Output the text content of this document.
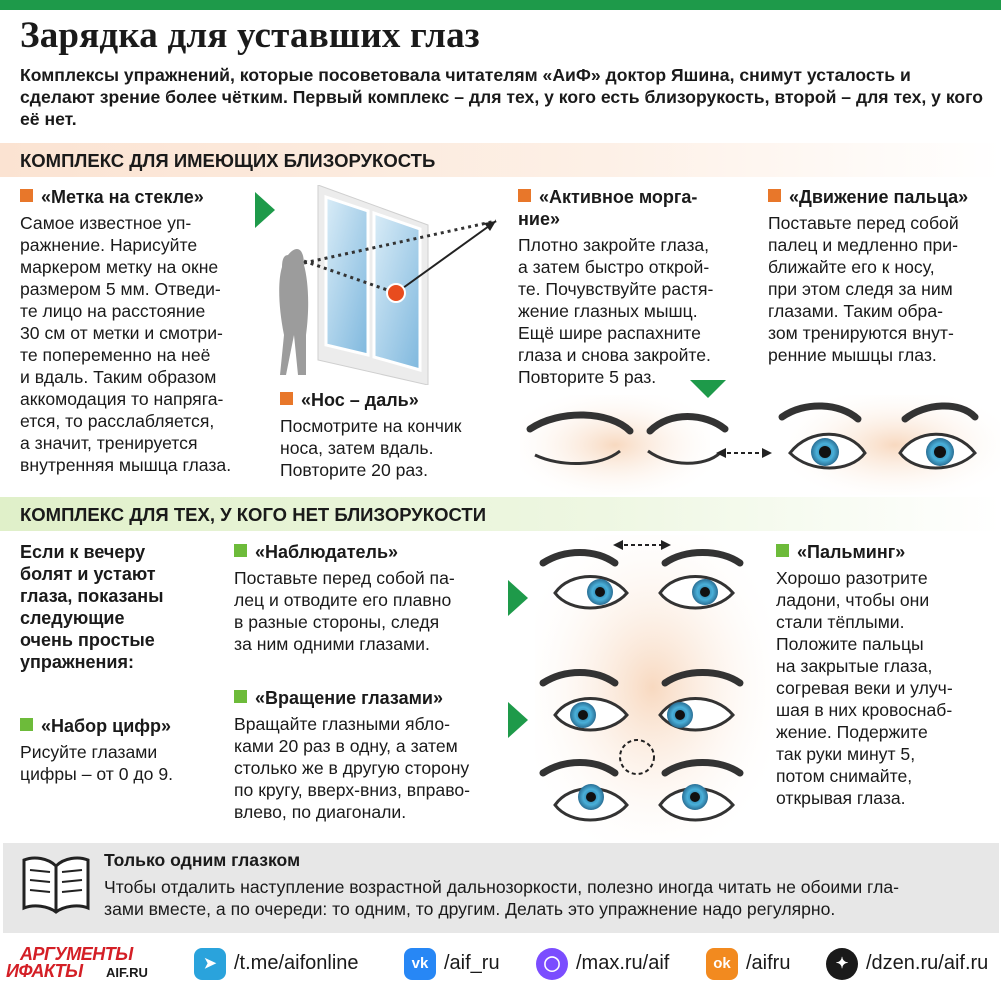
Зарядка для уставших глаз
Комплексы упражнений, которые посоветовала читателям «АиФ» доктор Яшина, снимут усталость и сделают зрение более чётким. Первый комплекс – для тех, у кого есть близорукость, второй – для тех, у кого её нет.
КОМПЛЕКС ДЛЯ ИМЕЮЩИХ БЛИЗОРУКОСТЬ
«Метка на стекле»
Самое известное уп-
ражнение. Нарисуйте
маркером метку на окне
размером 5 мм. Отведи-
те лицо на расстояние
30 см от метки и смотри-
те попеременно на неё
и вдаль. Таким образом
аккомодация то напряга-
ется, то расслабляется,
а значит, тренируется
внутренняя мышца глаза.
«Нос – даль»
Посмотрите на кончик
носа, затем вдаль.
Повторите 20 раз.
«Активное моргa-
ние»
Плотно закройте глаза,
а затем быстро открой-
те. Почувствуйте растя-
жение глазных мышц.
Ещё шире распахните
глаза и снова закройте.
Повторите 5 раз.
«Движение пальца»
Поставьте перед собой
палец и медленно при-
ближайте его к носу,
при этом следя за ним
глазами. Таким обра-
зом тренируются внут-
ренние мышцы глаз.
КОМПЛЕКС ДЛЯ ТЕХ, У КОГО НЕТ БЛИЗОРУКОСТИ
Если к вечеру
болят и устают
глаза, показаны
следующие
очень простые
упражнения:
«Набор цифр»
Рисуйте глазами
цифры – от 0 до 9.
«Наблюдатель»
Поставьте перед собой па-
лец и отводите его плавно
в разные стороны, следя
за ним одними глазами.
«Вращение глазами»
Вращайте глазными ябло-
ками 20 раз в одну, а затем
столько же в другую сторону
по кругу, вверх-вниз, вправо-
влево, по диагонали.
«Пальминг»
Хорошо разотрите
ладони, чтобы они
стали тёплыми.
Положите пальцы
на закрытые глаза,
согревая веки и улуч-
шая в них кровоснаб-
жение. Подержите
так руки минут 5,
потом снимайте,
открывая глаза.
Только одним глазком
Чтобы отдалить наступление возрастной дальнозоркости, полезно иногда читать не обоими гла-
зами вместе, а по очереди: то одним, то другим. Делать это упражнение надо регулярно.
АРГУМЕНТЫ
ИФАКТЫ AIF.RU
➤ /t.me/aifonline	vk /aif_ru	◯ /max.ru/aif	ok /aifru	✦ /dzen.ru/aif.ru
